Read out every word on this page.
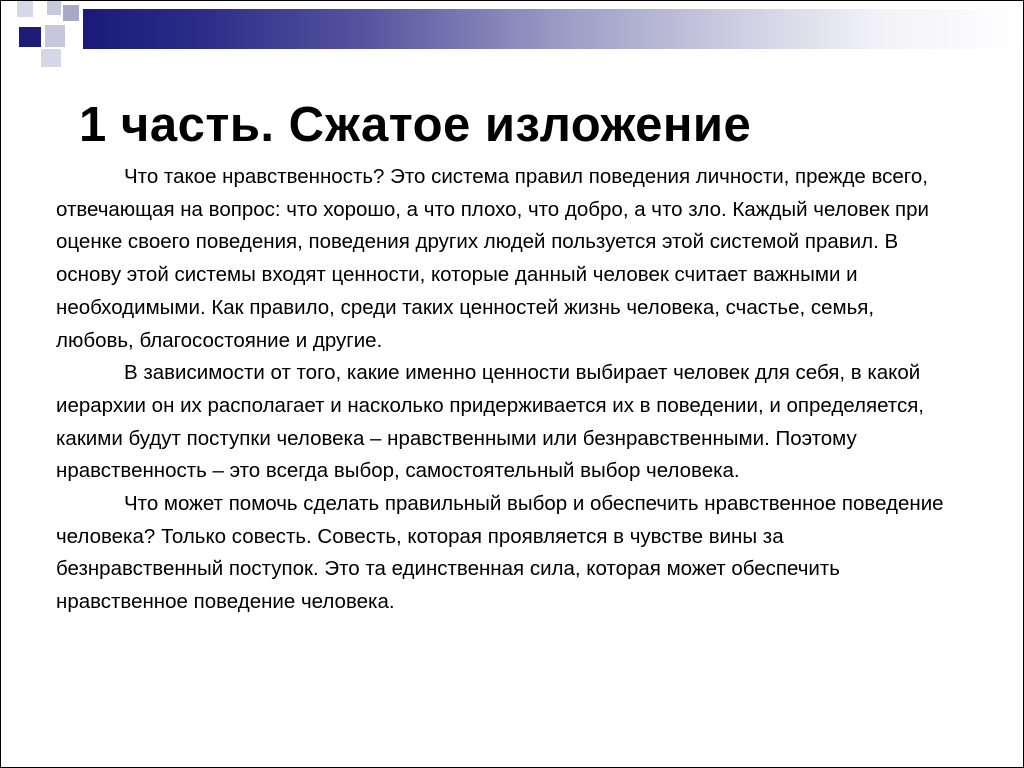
1 часть. Сжатое изложение

Что такое нравственность? Это система правил поведения личности, прежде всего, отвечающая на вопрос: что хорошо, а что плохо, что добро, а что зло. Каждый человек при оценке своего поведения, поведения других людей пользуется этой системой правил. В основу этой системы входят ценности, которые данный человек считает важными и необходимыми. Как правило, среди таких ценностей жизнь человека, счастье, семья, любовь, благосостояние и другие.

В зависимости от того, какие именно ценности выбирает человек для себя, в какой иерархии он их располагает и насколько придерживается их в поведении, и определяется, какими будут поступки человека – нравственными или безнравственными. Поэтому нравственность – это всегда выбор, самостоятельный выбор человека.

Что может помочь сделать правильный выбор и обеспечить нравственное поведение человека? Только совесть. Совесть, которая проявляется в чувстве вины за безнравственный поступок. Это та единственная сила, которая может обеспечить нравственное поведение человека.
